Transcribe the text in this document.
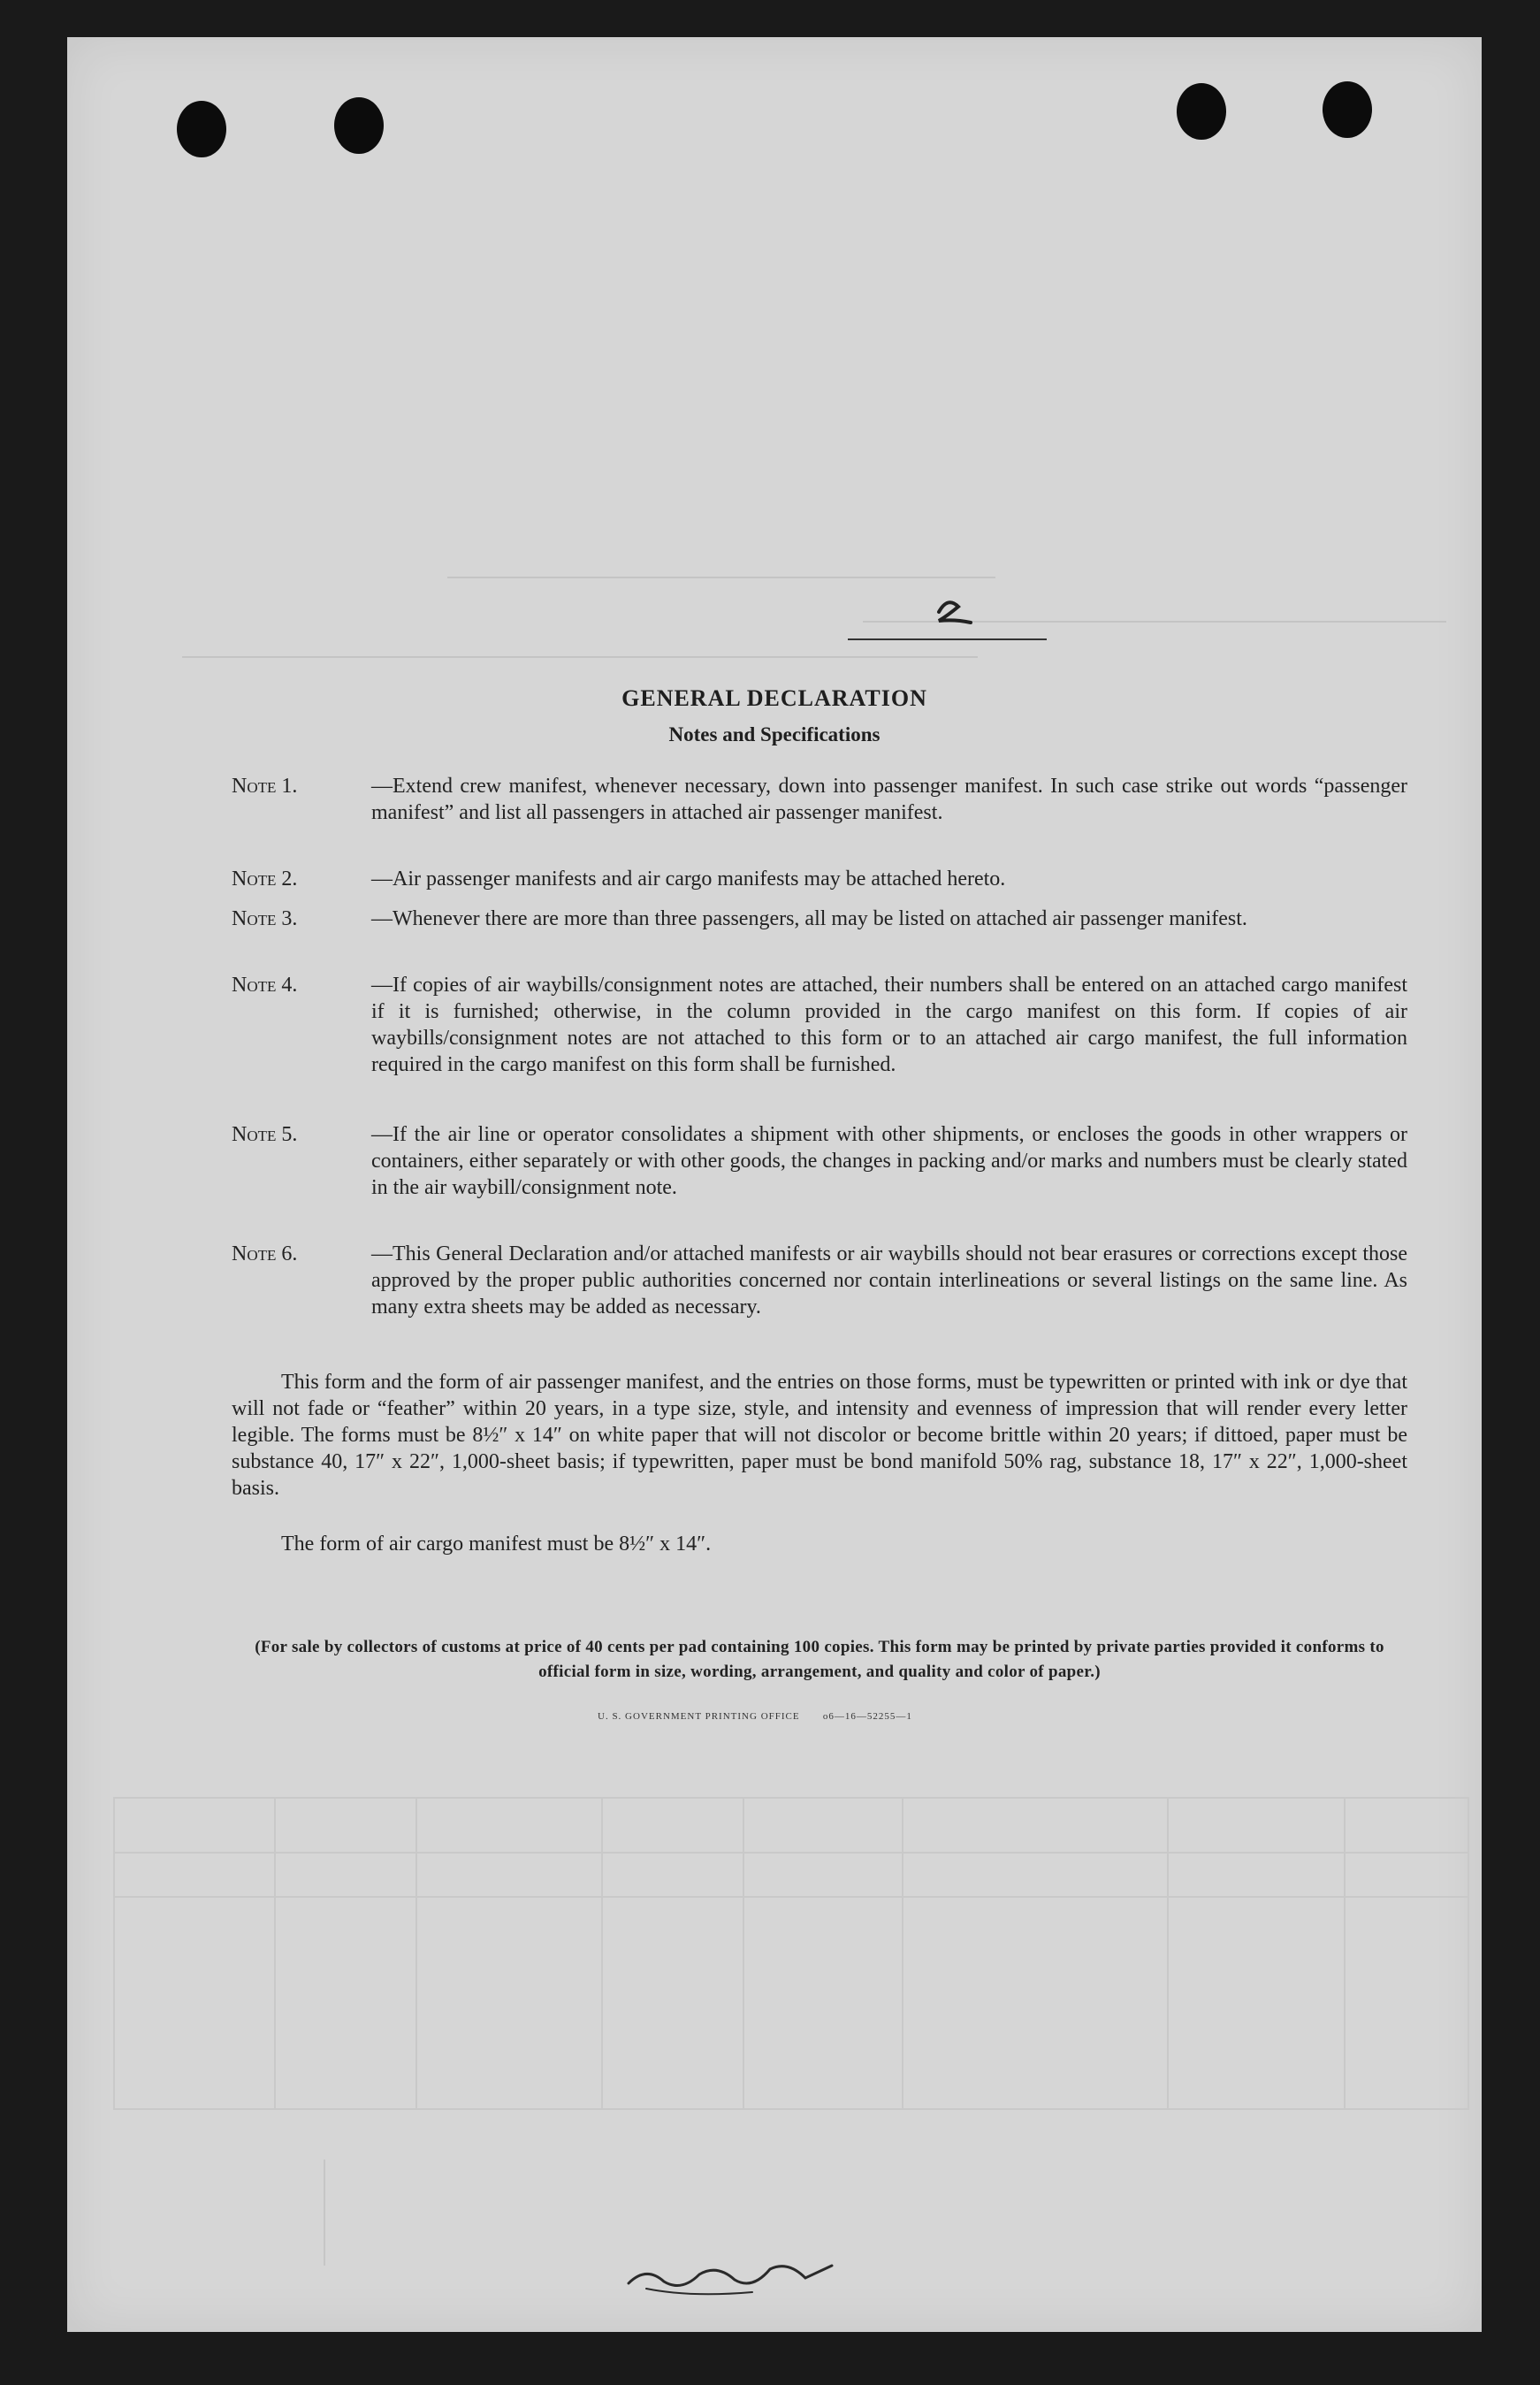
GENERAL DECLARATION
Notes and Specifications
Note 1.	—Extend crew manifest, whenever necessary, down into passenger manifest. In such case strike out words “passenger manifest” and list all passengers in attached air passenger manifest.
Note 2.	—Air passenger manifests and air cargo manifests may be attached hereto.
Note 3.	—Whenever there are more than three passengers, all may be listed on attached air passenger manifest.
Note 4.	—If copies of air waybills/consignment notes are attached, their numbers shall be entered on an attached cargo manifest if it is furnished; otherwise, in the column provided in the cargo manifest on this form. If copies of air waybills/consignment notes are not attached to this form or to an attached air cargo manifest, the full information required in the cargo manifest on this form shall be furnished.
Note 5.	—If the air line or operator consolidates a shipment with other shipments, or encloses the goods in other wrappers or containers, either separately or with other goods, the changes in packing and/or marks and numbers must be clearly stated in the air waybill/consignment note.
Note 6.	—This General Declaration and/or attached manifests or air waybills should not bear erasures or corrections except those approved by the proper public authorities concerned nor contain interlineations or several listings on the same line. As many extra sheets may be added as necessary.
This form and the form of air passenger manifest, and the entries on those forms, must be typewritten or printed with ink or dye that will not fade or “feather” within 20 years, in a type size, style, and intensity and evenness of impression that will render every letter legible. The forms must be 8½″ x 14″ on white paper that will not discolor or become brittle within 20 years; if dittoed, paper must be substance 40, 17″ x 22″, 1,000-sheet basis; if typewritten, paper must be bond manifold 50% rag, substance 18, 17″ x 22″, 1,000-sheet basis.
The form of air cargo manifest must be 8½″ x 14″.
(For sale by collectors of customs at price of 40 cents per pad containing 100 copies. This form may be printed by private parties provided it conforms to official form in size, wording, arrangement, and quality and color of paper.)
U. S. GOVERNMENT PRINTING OFFICE o6—16—52255—1
